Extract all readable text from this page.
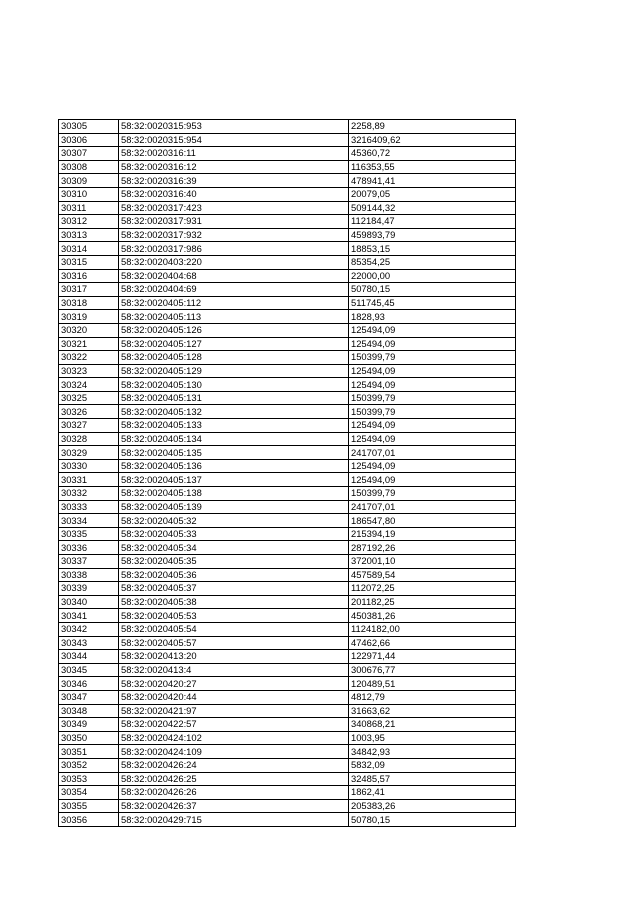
30305	58:32:0020315:953	2258,89
30306	58:32:0020315:954	3216409,62
30307	58:32:0020316:11	45360,72
30308	58:32:0020316:12	116353,55
30309	58:32:0020316:39	478941,41
30310	58:32:0020316:40	20079,05
30311	58:32:0020317:423	509144,32
30312	58:32:0020317:931	112184,47
30313	58:32:0020317:932	459893,79
30314	58:32:0020317:986	18853,15
30315	58:32:0020403:220	85354,25
30316	58:32:0020404:68	22000,00
30317	58:32:0020404:69	50780,15
30318	58:32:0020405:112	511745,45
30319	58:32:0020405:113	1828,93
30320	58:32:0020405:126	125494,09
30321	58:32:0020405:127	125494,09
30322	58:32:0020405:128	150399,79
30323	58:32:0020405:129	125494,09
30324	58:32:0020405:130	125494,09
30325	58:32:0020405:131	150399,79
30326	58:32:0020405:132	150399,79
30327	58:32:0020405:133	125494,09
30328	58:32:0020405:134	125494,09
30329	58:32:0020405:135	241707,01
30330	58:32:0020405:136	125494,09
30331	58:32:0020405:137	125494,09
30332	58:32:0020405:138	150399,79
30333	58:32:0020405:139	241707,01
30334	58:32:0020405:32	186547,80
30335	58:32:0020405:33	215394,19
30336	58:32:0020405:34	287192,26
30337	58:32:0020405:35	372001,10
30338	58:32:0020405:36	457589,54
30339	58:32:0020405:37	112072,25
30340	58:32:0020405:38	201182,25
30341	58:32:0020405:53	450381,26
30342	58:32:0020405:54	1124182,00
30343	58:32:0020405:57	47462,66
30344	58:32:0020413:20	122971,44
30345	58:32:0020413:4	300676,77
30346	58:32:0020420:27	120489,51
30347	58:32:0020420:44	4812,79
30348	58:32:0020421:97	31663,62
30349	58:32:0020422:57	340868,21
30350	58:32:0020424:102	1003,95
30351	58:32:0020424:109	34842,93
30352	58:32:0020426:24	5832,09
30353	58:32:0020426:25	32485,57
30354	58:32:0020426:26	1862,41
30355	58:32:0020426:37	205383,26
30356	58:32:0020429:715	50780,15
